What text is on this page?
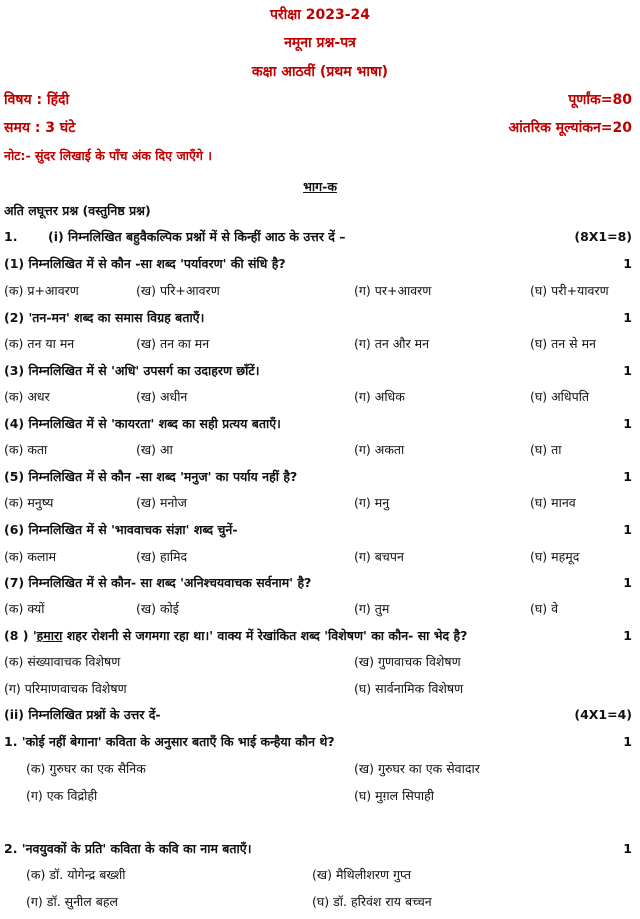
परीक्षा 2023-24
नमूना प्रश्न-पत्र
कक्षा आठवीं (प्रथम भाषा)
विषय : हिंदी	पूर्णांक=80
समय : 3 घंटे	आंतरिक मूल्यांकन=20
नोट:- सुंदर लिखाई के पाँच अंक दिए जाएँगे ।
भाग-क
अति लघूत्तर प्रश्न (वस्तुनिष्ठ प्रश्न)
1. (i) निम्नलिखित बहुवैकल्पिक प्रश्नों में से किन्हीं आठ के उत्तर दें –	(8X1=8)
(1) निम्नलिखित में से कौन -सा शब्द 'पर्यावरण' की संधि है?	1
(क) प्र+आवरण	(ख) परि+आवरण	(ग) पर+आवरण	(घ) परी+यावरण
(2) 'तन-मन' शब्द का समास विग्रह बताएँ।	1
(क) तन या मन	(ख) तन का मन	(ग) तन और मन	(घ) तन से मन
(3) निम्नलिखित में से 'अधि' उपसर्ग का उदाहरण छाँटें।	1
(क) अधर	(ख) अधीन	(ग) अधिक	(घ) अधिपति
(4) निम्नलिखित में से 'कायरता' शब्द का सही प्रत्यय बताएँ।	1
(क) कता	(ख) आ	(ग) अकता	(घ) ता
(5) निम्नलिखित में से कौन -सा शब्द 'मनुज' का पर्याय नहीं है?	1
(क) मनुष्य	(ख) मनोज	(ग) मनु	(घ) मानव
(6) निम्नलिखित में से 'भाववाचक संज्ञा' शब्द चुनें-	1
(क) कलाम	(ख) हामिद	(ग) बचपन	(घ) महमूद
(7) निम्नलिखित में से कौन- सा शब्द 'अनिश्चयवाचक सर्वनाम' है?	1
(क) क्यों	(ख) कोई	(ग) तुम	(घ) वे
(8 ) 'हमारा शहर रोशनी से जगमगा रहा था।' वाक्य में रेखांकित शब्द 'विशेषण' का कौन- सा भेद है?	1
(क) संख्यावाचक विशेषण	(ख) गुणवाचक विशेषण
(ग) परिमाणवाचक विशेषण	(घ) सार्वनामिक विशेषण
(ii) निम्नलिखित प्रश्नों के उत्तर दें-	(4X1=4)
1. 'कोई नहीं बेगाना' कविता के अनुसार बताएँ कि भाई कन्हैया कौन थे?	1
(क) गुरुघर का एक सैनिक	(ख) गुरुघर का एक सेवादार
(ग) एक विद्रोही	(घ) मुग़ल सिपाही
2. 'नवयुवकों के प्रति' कविता के कवि का नाम बताएँ।	1
(क) डॉ. योगेन्द्र बख्शी	(ख) मैथिलीशरण गुप्त
(ग) डॉ. सुनील बहल	(घ) डॉ. हरिवंश राय बच्चन
